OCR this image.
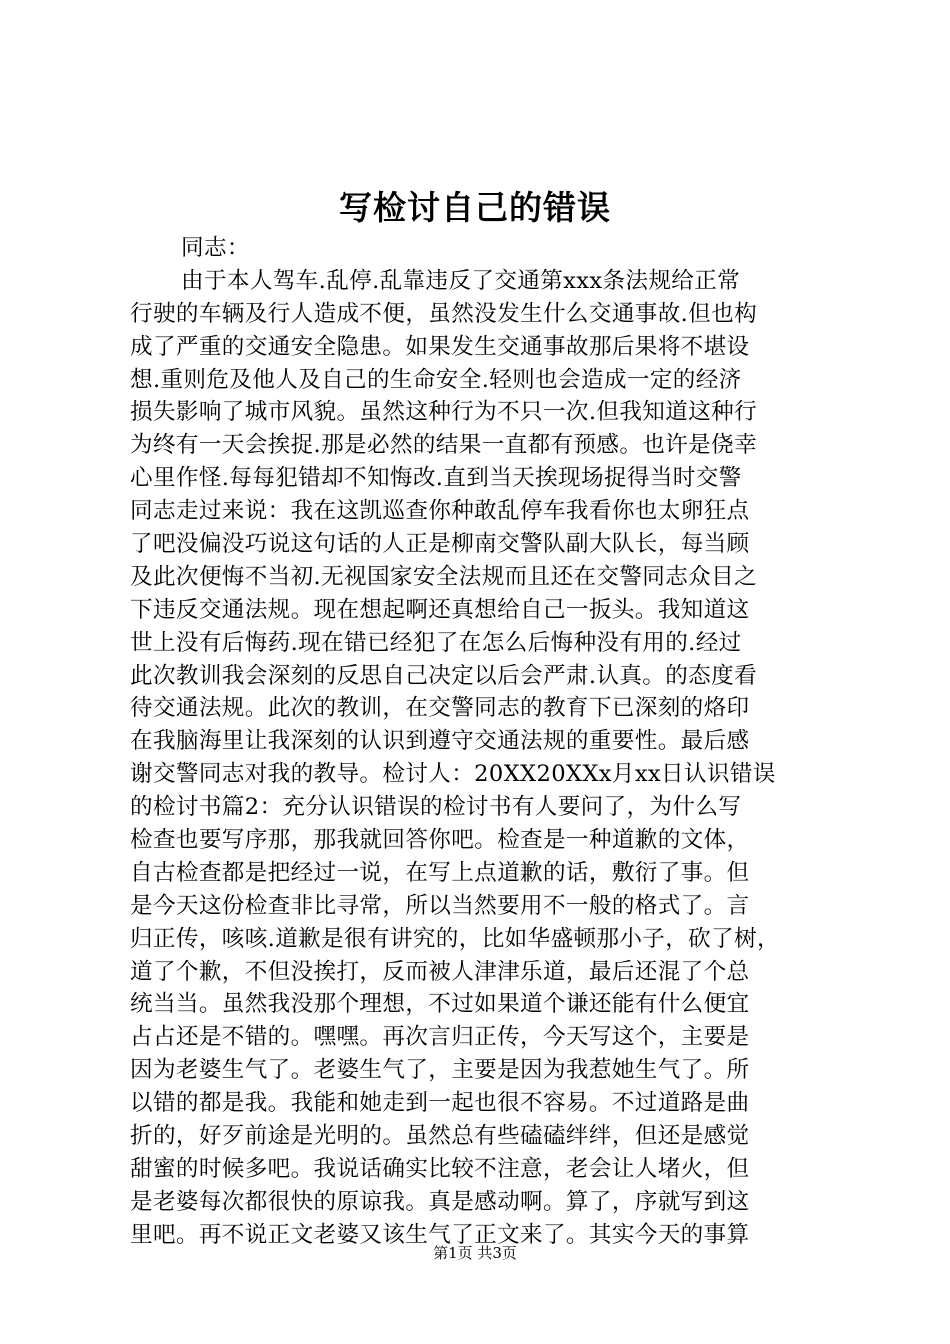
写检讨自己的错误
同志：
由于本人驾车.乱停.乱靠违反了交通第xxx条法规给正常
行驶的车辆及行人造成不便，虽然没发生什么交通事故.但也构
成了严重的交通安全隐患。如果发生交通事故那后果将不堪设
想.重则危及他人及自己的生命安全.轻则也会造成一定的经济
损失影响了城市风貌。虽然这种行为不只一次.但我知道这种行
为终有一天会挨捉.那是必然的结果一直都有预感。也许是侥幸
心里作怪.每每犯错却不知悔改.直到当天挨现场捉得当时交警
同志走过来说：我在这凯巡查你种敢乱停车我看你也太卵狂点
了吧没偏没巧说这句话的人正是柳南交警队副大队长，每当顾
及此次便悔不当初.无视国家安全法规而且还在交警同志众目之
下违反交通法规。现在想起啊还真想给自己一扳头。我知道这
世上没有后悔药.现在错已经犯了在怎么后悔种没有用的.经过
此次教训我会深刻的反思自己决定以后会严肃.认真。的态度看
待交通法规。此次的教训，在交警同志的教育下已深刻的烙印
在我脑海里让我深刻的认识到遵守交通法规的重要性。最后感
谢交警同志对我的教导。检讨人：20XX20XXx月xx日认识错误
的检讨书篇2：充分认识错误的检讨书有人要问了，为什么写
检查也要写序那，那我就回答你吧。检查是一种道歉的文体，
自古检查都是把经过一说，在写上点道歉的话，敷衍了事。但
是今天这份检查非比寻常，所以当然要用不一般的格式了。言
归正传，咳咳.道歉是很有讲究的，比如华盛顿那小子，砍了树，
道了个歉，不但没挨打，反而被人津津乐道，最后还混了个总
统当当。虽然我没那个理想，不过如果道个谦还能有什么便宜
占占还是不错的。嘿嘿。再次言归正传，今天写这个，主要是
因为老婆生气了。老婆生气了，主要是因为我惹她生气了。所
以错的都是我。我能和她走到一起也很不容易。不过道路是曲
折的，好歹前途是光明的。虽然总有些磕磕绊绊，但还是感觉
甜蜜的时候多吧。我说话确实比较不注意，老会让人堵火，但
是老婆每次都很快的原谅我。真是感动啊。算了，序就写到这
里吧。再不说正文老婆又该生气了正文来了。其实今天的事算
第1页 共3页
